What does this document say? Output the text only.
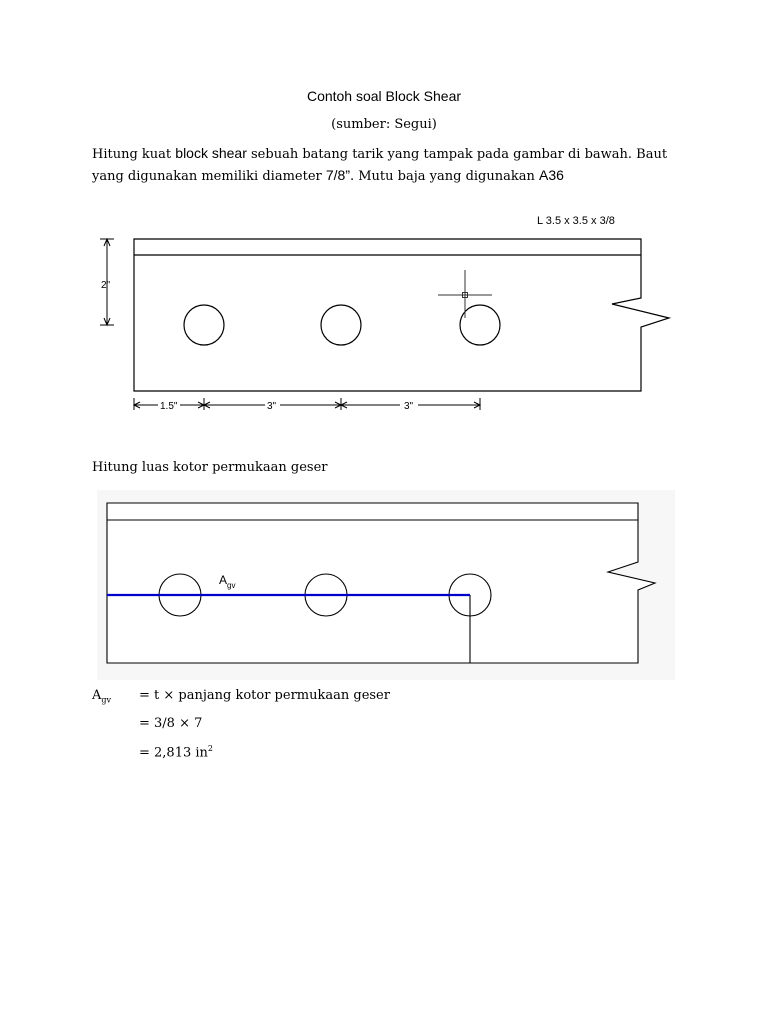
Contoh soal Block Shear
(sumber: Segui)
Hitung kuat block shear sebuah batang tarik yang tampak pada gambar di bawah. Baut yang digunakan memiliki diameter 7/8”. Mutu baja yang digunakan A36
L 3.5 x 3.5 x 3/8
2"
1.5"	3"	3"
Hitung luas kotor permukaan geser
$A_{gv}$
$A_{gv} = t$ × panjang kotor permukaan geser
= 3/8 × 7
= 2,813 $in^2$
